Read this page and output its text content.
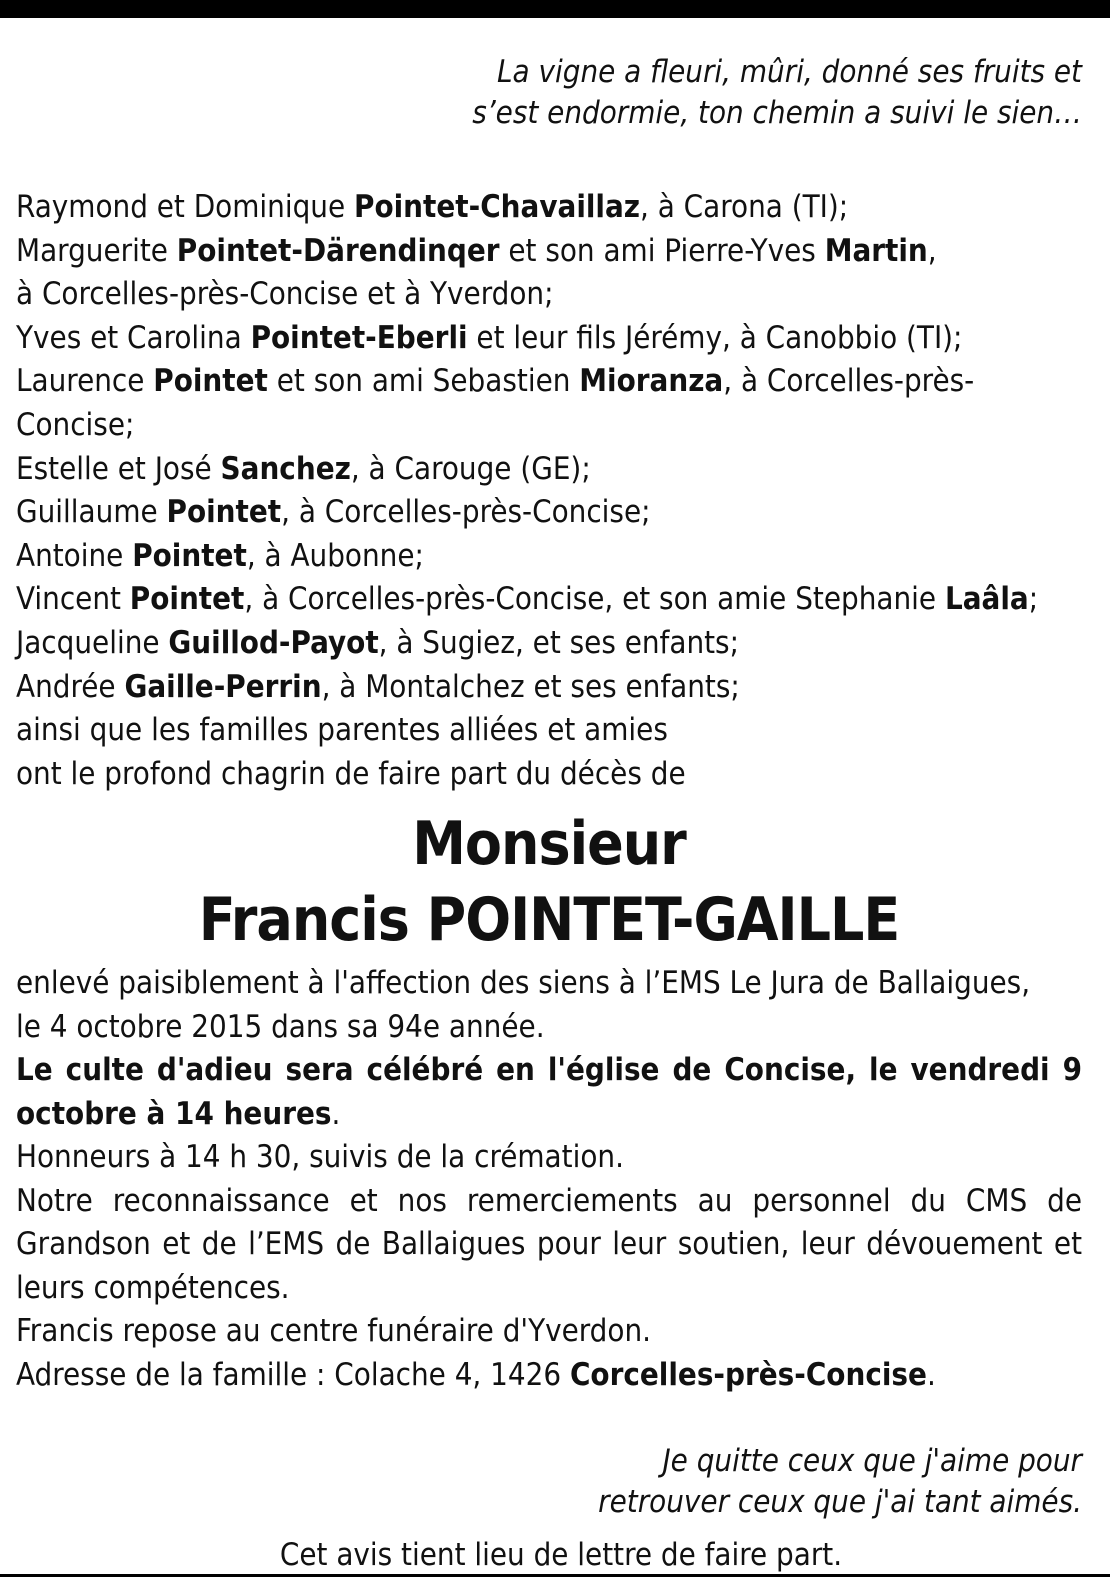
La vigne a fleuri, mûri, donné ses fruits et
s’est endormie, ton chemin a suivi le sien…
Raymond et Dominique Pointet-Chavaillaz, à Carona (TI);
Marguerite Pointet-Därendinqer et son ami Pierre-Yves Martin,
à Corcelles-près-Concise et à Yverdon;
Yves et Carolina Pointet-Eberli et leur fils Jérémy, à Canobbio (TI);
Laurence Pointet et son ami Sebastien Mioranza, à Corcelles-près-
Concise;
Estelle et José Sanchez, à Carouge (GE);
Guillaume Pointet, à Corcelles-près-Concise;
Antoine Pointet, à Aubonne;
Vincent Pointet, à Corcelles-près-Concise, et son amie Stephanie Laâla;
Jacqueline Guillod-Payot, à Sugiez, et ses enfants;
Andrée Gaille-Perrin, à Montalchez et ses enfants;
ainsi que les familles parentes alliées et amies
ont le profond chagrin de faire part du décès de
Monsieur
Francis POINTET-GAILLE
enlevé paisiblement à l'affection des siens à l’EMS Le Jura de Ballaigues,
le 4 octobre 2015 dans sa 94e année.
Le culte d'adieu sera célébré en l'église de Concise, le vendredi 9 octobre à 14 heures.
Honneurs à 14 h 30, suivis de la crémation.
Notre reconnaissance et nos remerciements au personnel du CMS de Grandson et de l’EMS de Ballaigues pour leur soutien, leur dévouement et leurs compétences.
Francis repose au centre funéraire d'Yverdon.
Adresse de la famille : Colache 4, 1426 Corcelles-près-Concise.
Je quitte ceux que j'aime pour
retrouver ceux que j'ai tant aimés.
Cet avis tient lieu de lettre de faire part.
